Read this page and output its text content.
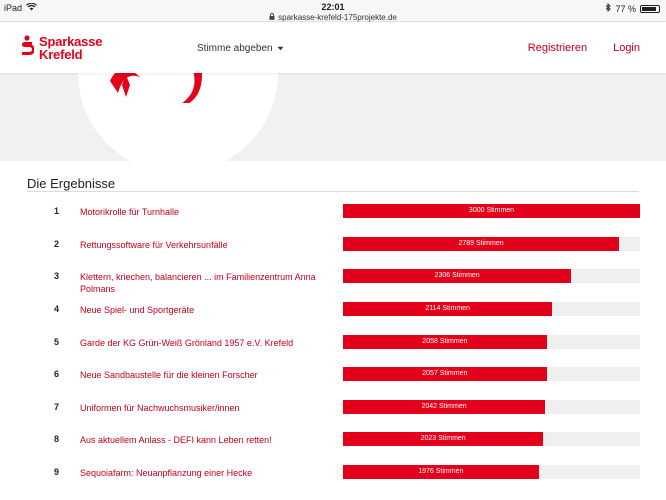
iPad	22:01
sparkasse-krefeld-175projekte.de
77 %
Sparkasse
Krefeld	Stimme abgeben	Registrieren Login
Die Ergebnisse
1 Motorikrolle für Turnhalle	3000 Stimmen
2 Rettungssoftware für Verkehrsunfälle	2789 Stimmen
3 Klettern, kriechen, balancieren ... im Familienzentrum Anna Polmans
2306 Stimmen
4 Neue Spiel- und Sportgeräte	2114 Stimmen
5 Garde der KG Grün-Weiß Grönland 1957 e.V. Krefeld	2058 Stimmen
6 Neue Sandbaustelle für die kleinen Forscher	2057 Stimmen
7 Uniformen für Nachwuchsmusiker/innen	2042 Stimmen
8 Aus aktuellem Anlass - DEFI kann Leben retten!	2023 Stimmen
9 Sequoiafarm: Neuanpflanzung einer Hecke	1976 Stimmen
